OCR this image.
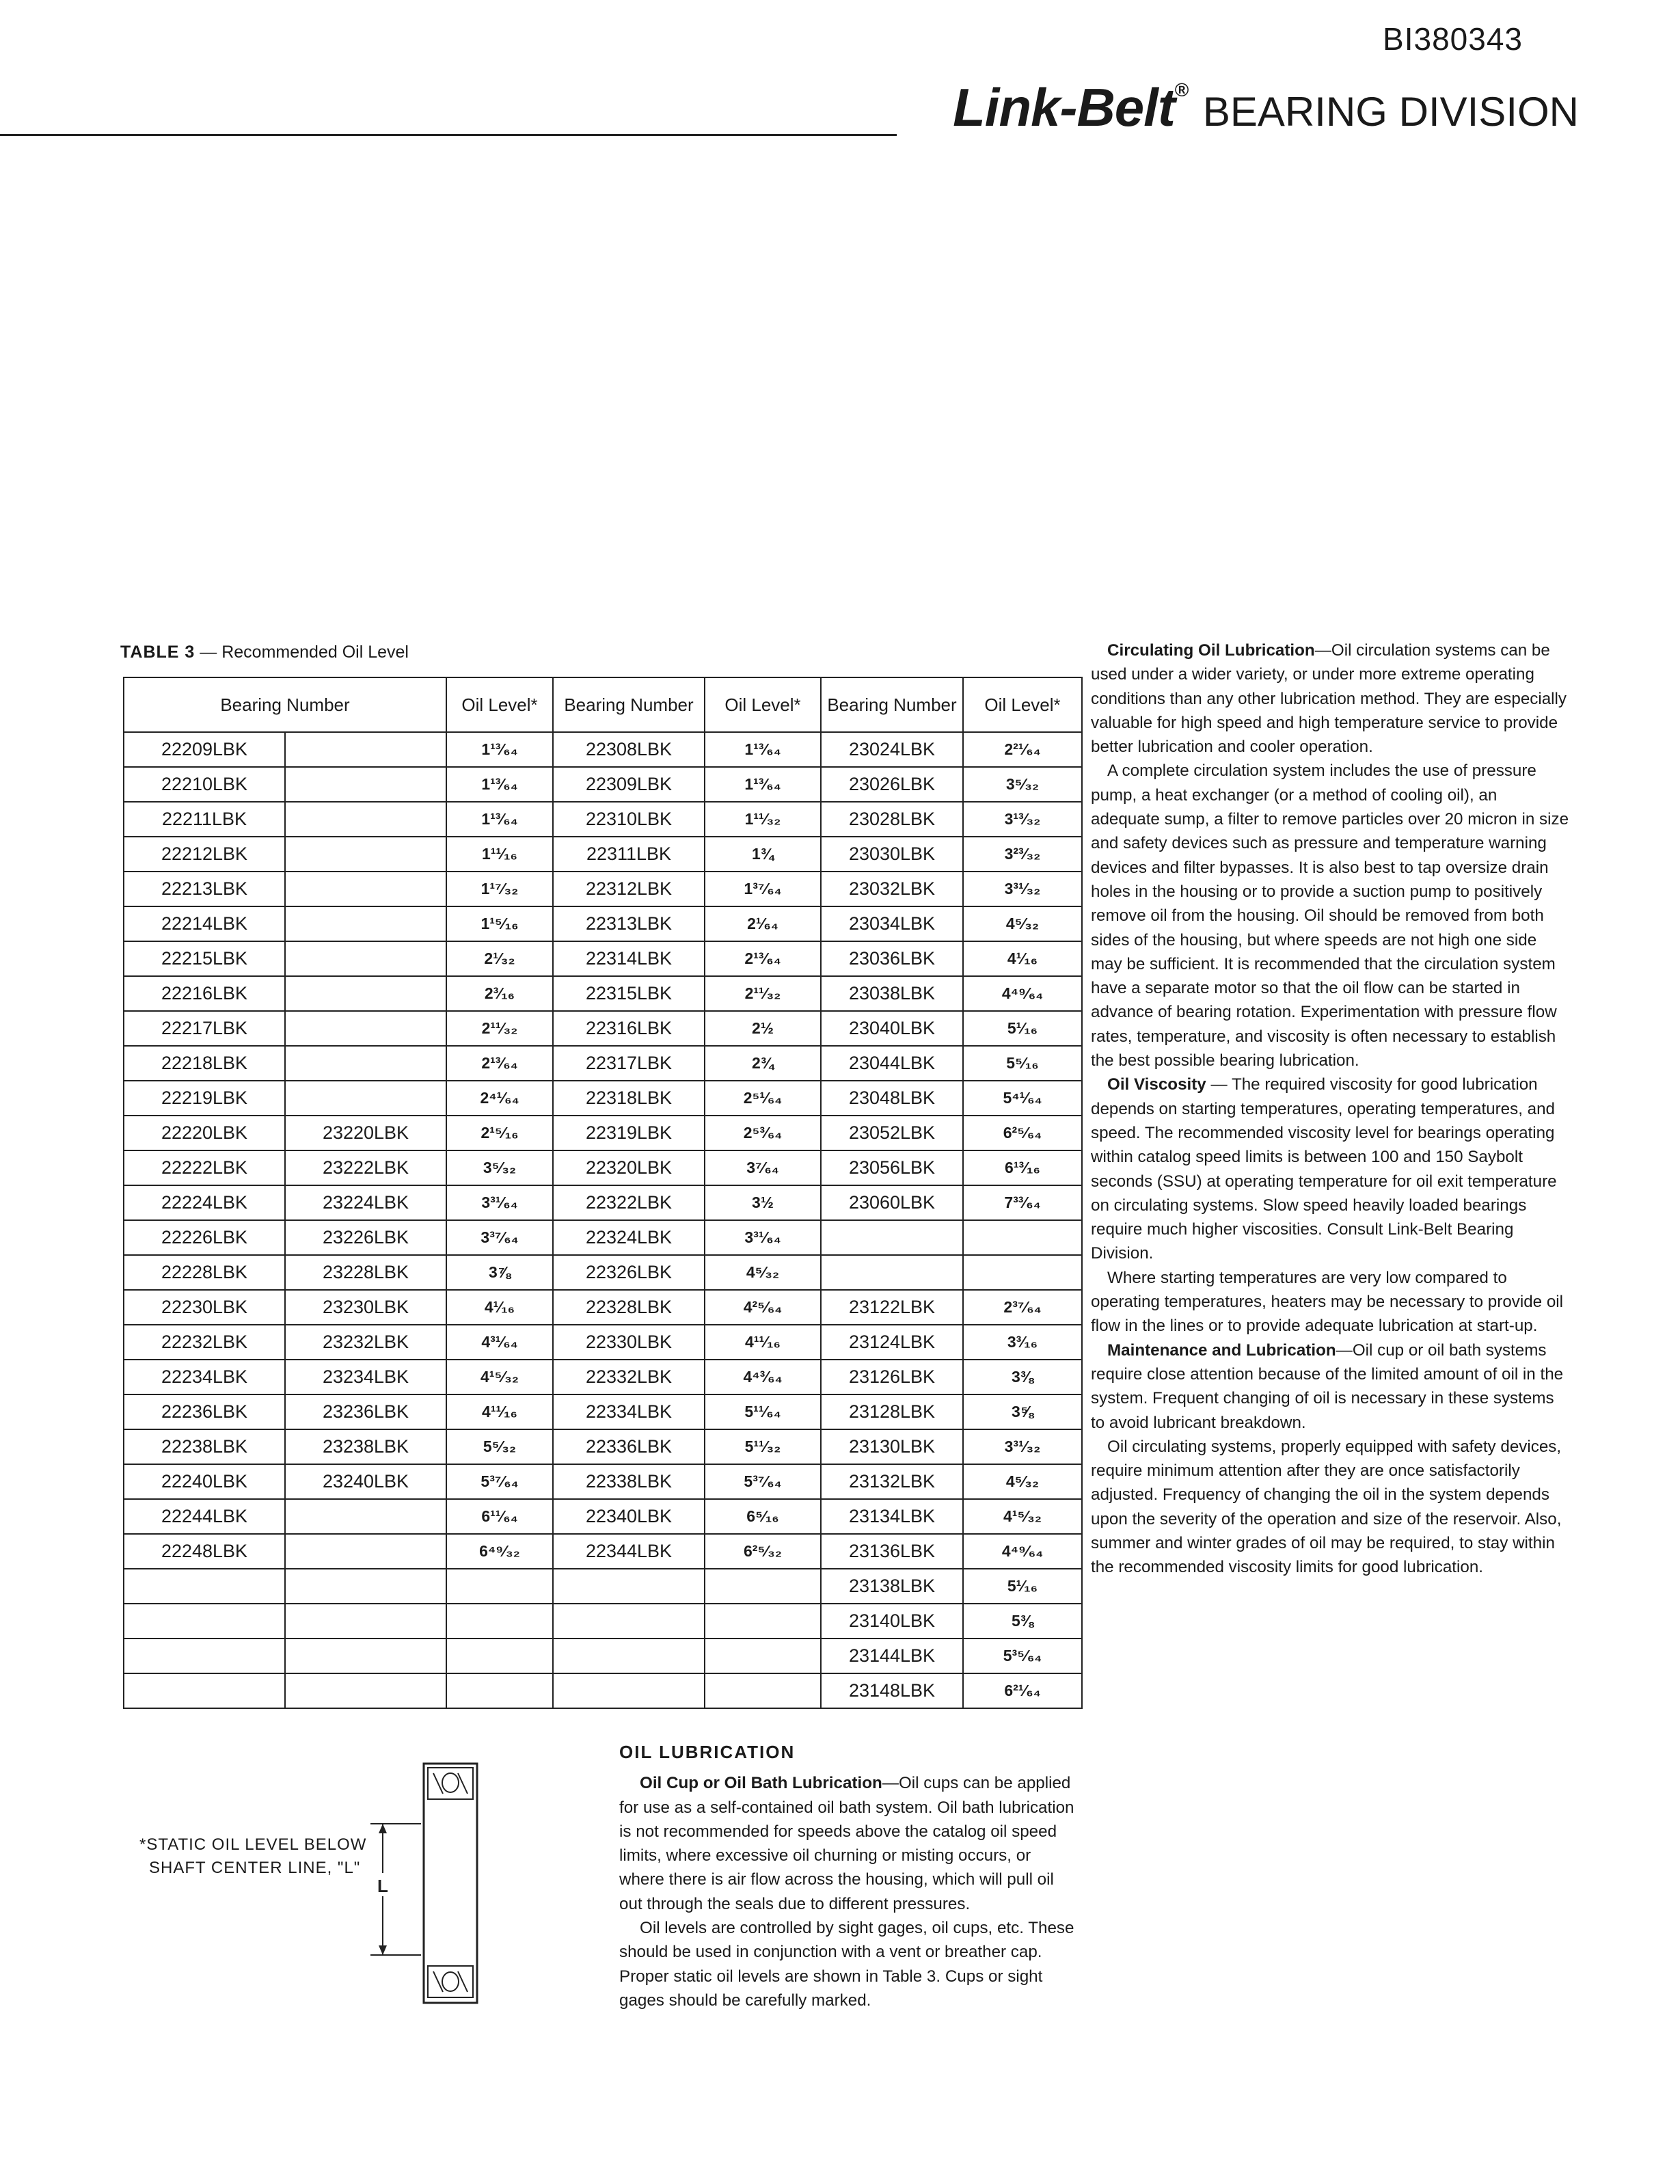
BI380343
Link-Belt® BEARING DIVISION
TABLE 3 — Recommended Oil Level
Bearing Number		Oil Level*	Bearing Number	Oil Level*	Bearing Number	Oil Level*
22209LBK		1¹³⁄₆₄	22308LBK	1¹³⁄₆₄	23024LBK	2²¹⁄₆₄
22210LBK		1¹³⁄₆₄	22309LBK	1¹³⁄₆₄	23026LBK	3⁵⁄₃₂
22211LBK		1¹³⁄₆₄	22310LBK	1¹¹⁄₃₂	23028LBK	3¹³⁄₃₂
22212LBK		1¹¹⁄₁₆	22311LBK	1¾	23030LBK	3²³⁄₃₂
22213LBK		1¹⁷⁄₃₂	22312LBK	1³⁷⁄₆₄	23032LBK	3³¹⁄₃₂
22214LBK		1¹⁵⁄₁₆	22313LBK	2¹⁄₆₄	23034LBK	4⁵⁄₃₂
22215LBK		2¹⁄₃₂	22314LBK	2¹³⁄₆₄	23036LBK	4¹⁄₁₆
22216LBK		2³⁄₁₆	22315LBK	2¹¹⁄₃₂	23038LBK	4⁴⁹⁄₆₄
22217LBK		2¹¹⁄₃₂	22316LBK	2½	23040LBK	5¹⁄₁₆
22218LBK		2¹³⁄₆₄	22317LBK	2¾	23044LBK	5⁵⁄₁₆
22219LBK		2⁴¹⁄₆₄	22318LBK	2⁵¹⁄₆₄	23048LBK	5⁴¹⁄₆₄
22220LBK	23220LBK	2¹⁵⁄₁₆	22319LBK	2⁵³⁄₆₄	23052LBK	6²⁵⁄₆₄
22222LBK	23222LBK	3⁵⁄₃₂	22320LBK	3⁷⁄₆₄	23056LBK	6¹³⁄₁₆
22224LBK	23224LBK	3³¹⁄₆₄	22322LBK	3½	23060LBK	7³³⁄₆₄
22226LBK	23226LBK	3³⁷⁄₆₄	22324LBK	3³¹⁄₆₄		
22228LBK	23228LBK	3⅞	22326LBK	4⁵⁄₃₂		
22230LBK	23230LBK	4¹⁄₁₆	22328LBK	4²⁵⁄₆₄	23122LBK	2³⁷⁄₆₄
22232LBK	23232LBK	4³¹⁄₆₄	22330LBK	4¹¹⁄₁₆	23124LBK	3³⁄₁₆
22234LBK	23234LBK	4¹⁵⁄₃₂	22332LBK	4⁴³⁄₆₄	23126LBK	3⅜
22236LBK	23236LBK	4¹¹⁄₁₆	22334LBK	5¹¹⁄₆₄	23128LBK	3⅝
22238LBK	23238LBK	5⁵⁄₃₂	22336LBK	5¹¹⁄₃₂	23130LBK	3³¹⁄₃₂
22240LBK	23240LBK	5³⁷⁄₆₄	22338LBK	5³⁷⁄₆₄	23132LBK	4⁵⁄₃₂
22244LBK		6¹¹⁄₆₄	22340LBK	6⁵⁄₁₆	23134LBK	4¹⁵⁄₃₂
22248LBK		6⁴⁹⁄₃₂	22344LBK	6²⁵⁄₃₂	23136LBK	4⁴⁹⁄₆₄
					23138LBK	5¹⁄₁₆
					23140LBK	5⅜
					23144LBK	5³⁵⁄₆₄
					23148LBK	6²¹⁄₆₄

Circulating Oil Lubrication—Oil circulation systems can be used under a wider variety, or under more extreme operating conditions than any other lubrication method. They are especially valuable for high speed and high temperature service to provide better lubrication and cooler operation.

A complete circulation system includes the use of pressure pump, a heat exchanger (or a method of cooling oil), an adequate sump, a filter to remove particles over 20 micron in size and safety devices such as pressure and temperature warning devices and filter bypasses. It is also best to tap oversize drain holes in the housing or to provide a suction pump to positively remove oil from the housing. Oil should be removed from both sides of the housing, but where speeds are not high one side may be sufficient. It is recommended that the circulation system have a separate motor so that the oil flow can be started in advance of bearing rotation. Experimentation with pressure flow rates, temperature, and viscosity is often necessary to establish the best possible bearing lubrication.

Oil Viscosity — The required viscosity for good lubrication depends on starting temperatures, operating temperatures, and speed. The recommended viscosity level for bearings operating within catalog speed limits is between 100 and 150 Saybolt seconds (SSU) at operating temperature for oil exit temperature on circulating systems. Slow speed heavily loaded bearings require much higher viscosities. Consult Link-Belt Bearing Division.

Where starting temperatures are very low compared to operating temperatures, heaters may be necessary to provide oil flow in the lines or to provide adequate lubrication at start-up.

Maintenance and Lubrication—Oil cup or oil bath systems require close attention because of the limited amount of oil in the system. Frequent changing of oil is necessary in these systems to avoid lubricant breakdown.

Oil circulating systems, properly equipped with safety devices, require minimum attention after they are once satisfactorily adjusted. Frequency of changing the oil in the system depends upon the severity of the operation and size of the reservoir. Also, summer and winter grades of oil may be required, to stay within the recommended viscosity limits for good lubrication.

*STATIC OIL LEVEL BELOW
SHAFT CENTER LINE, "L"
L
OIL LUBRICATION

Oil Cup or Oil Bath Lubrication—Oil cups can be applied for use as a self-contained oil bath system. Oil bath lubrication is not recommended for speeds above the catalog oil speed limits, where excessive oil churning or misting occurs, or where there is air flow across the housing, which will pull oil out through the seals due to different pressures.

Oil levels are controlled by sight gages, oil cups, etc. These should be used in conjunction with a vent or breather cap. Proper static oil levels are shown in Table 3. Cups or sight gages should be carefully marked.
